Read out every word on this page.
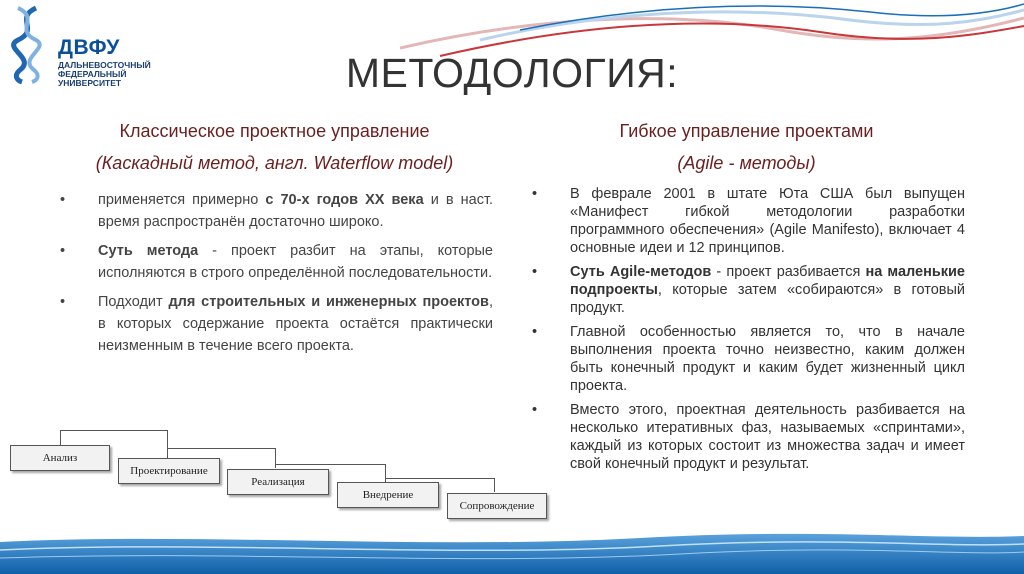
ДВФУ
ДАЛЬНЕВОСТОЧНЫЙ
ФЕДЕРАЛЬНЫЙ
УНИВЕРСИТЕТ	МЕТОДОЛОГИЯ:
Классическое проектное управление
(Каскадный метод, англ. Waterflow model)
Гибкое управление проектами
(Agile - методы)
• применяется примерно с 70-х годов XX века и в наст. время распространён достаточно широко.
• Суть метода - проект разбит на этапы, которые исполняются в строго определённой последовательности.
• Подходит для строительных и инженерных проектов, в которых содержание проекта остаётся практически неизменным в течение всего проекта.
• В феврале 2001 в штате Юта США был выпущен «Манифест гибкой методологии разработки программного обеспечения» (Agile Manifesto), включает 4 основные идеи и 12 принципов.
• Суть Agile-методов - проект разбивается на маленькие подпроекты, которые затем «собираются» в готовый продукт.
• Главной особенностью является то, что в начале выполнения проекта точно неизвестно, каким должен быть конечный продукт и каким будет жизненный цикл проекта.
• Вместо этого, проектная деятельность разбивается на несколько итеративных фаз, называемых «спринтами», каждый из которых состоит из множества задач и имеет свой конечный продукт и результат.
Анализ
Проектирование
Реализация
Внедрение
Сопровождение
